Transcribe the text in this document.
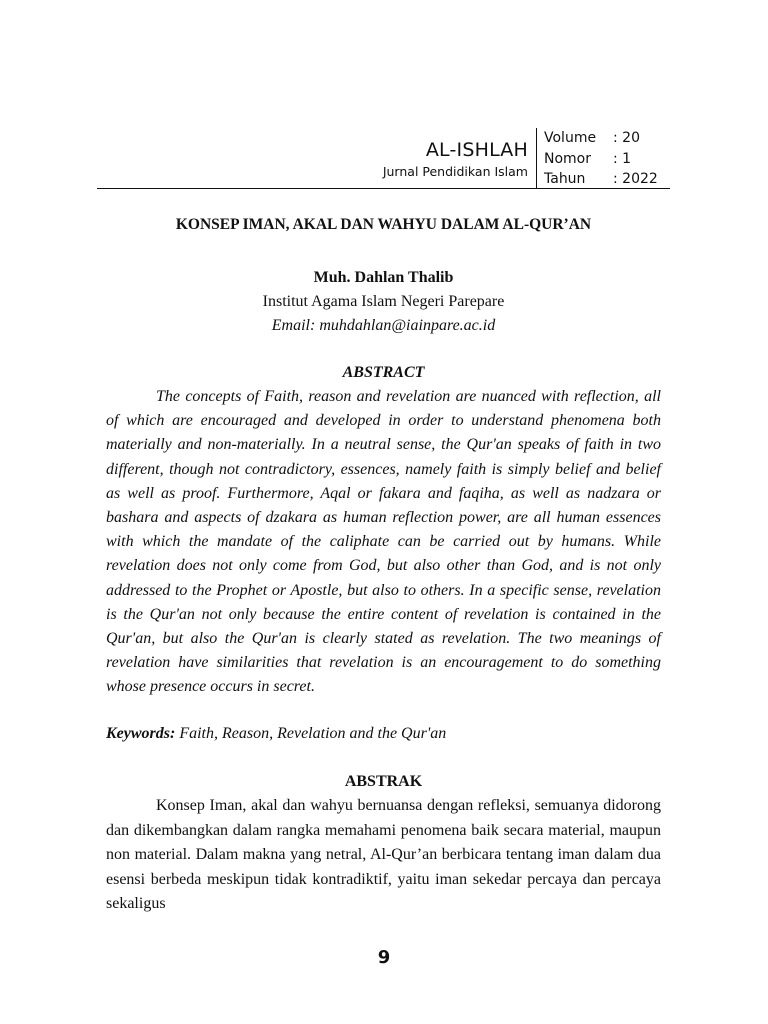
AL-ISHLAH
Jurnal Pendidikan Islam
Volume : 20
Nomor : 1
Tahun : 2022
KONSEP IMAN, AKAL DAN WAHYU DALAM AL-QUR’AN
Muh. Dahlan Thalib
Institut Agama Islam Negeri Parepare
Email: muhdahlan@iainpare.ac.id
ABSTRACT

The concepts of Faith, reason and revelation are nuanced with reflection, all of which are encouraged and developed in order to understand phenomena both materially and non-materially. In a neutral sense, the Qur'an speaks of faith in two different, though not contradictory, essences, namely faith is simply belief and belief as well as proof. Furthermore, Aqal or fakara and faqiha, as well as nadzara or bashara and aspects of dzakara as human reflection power, are all human essences with which the mandate of the caliphate can be carried out by humans. While revelation does not only come from God, but also other than God, and is not only addressed to the Prophet or Apostle, but also to others. In a specific sense, revelation is the Qur'an not only because the entire content of revelation is contained in the Qur'an, but also the Qur'an is clearly stated as revelation. The two meanings of revelation have similarities that revelation is an encouragement to do something whose presence occurs in secret.

Keywords: Faith, Reason, Revelation and the Qur'an
ABSTRAK

Konsep Iman, akal dan wahyu bernuansa dengan refleksi, semuanya didorong dan dikembangkan dalam rangka memahami penomena baik secara material, maupun non material. Dalam makna yang netral, Al-Qur’an berbicara tentang iman dalam dua esensi berbeda meskipun tidak kontradiktif, yaitu iman sekedar percaya dan percaya sekaligus

9
